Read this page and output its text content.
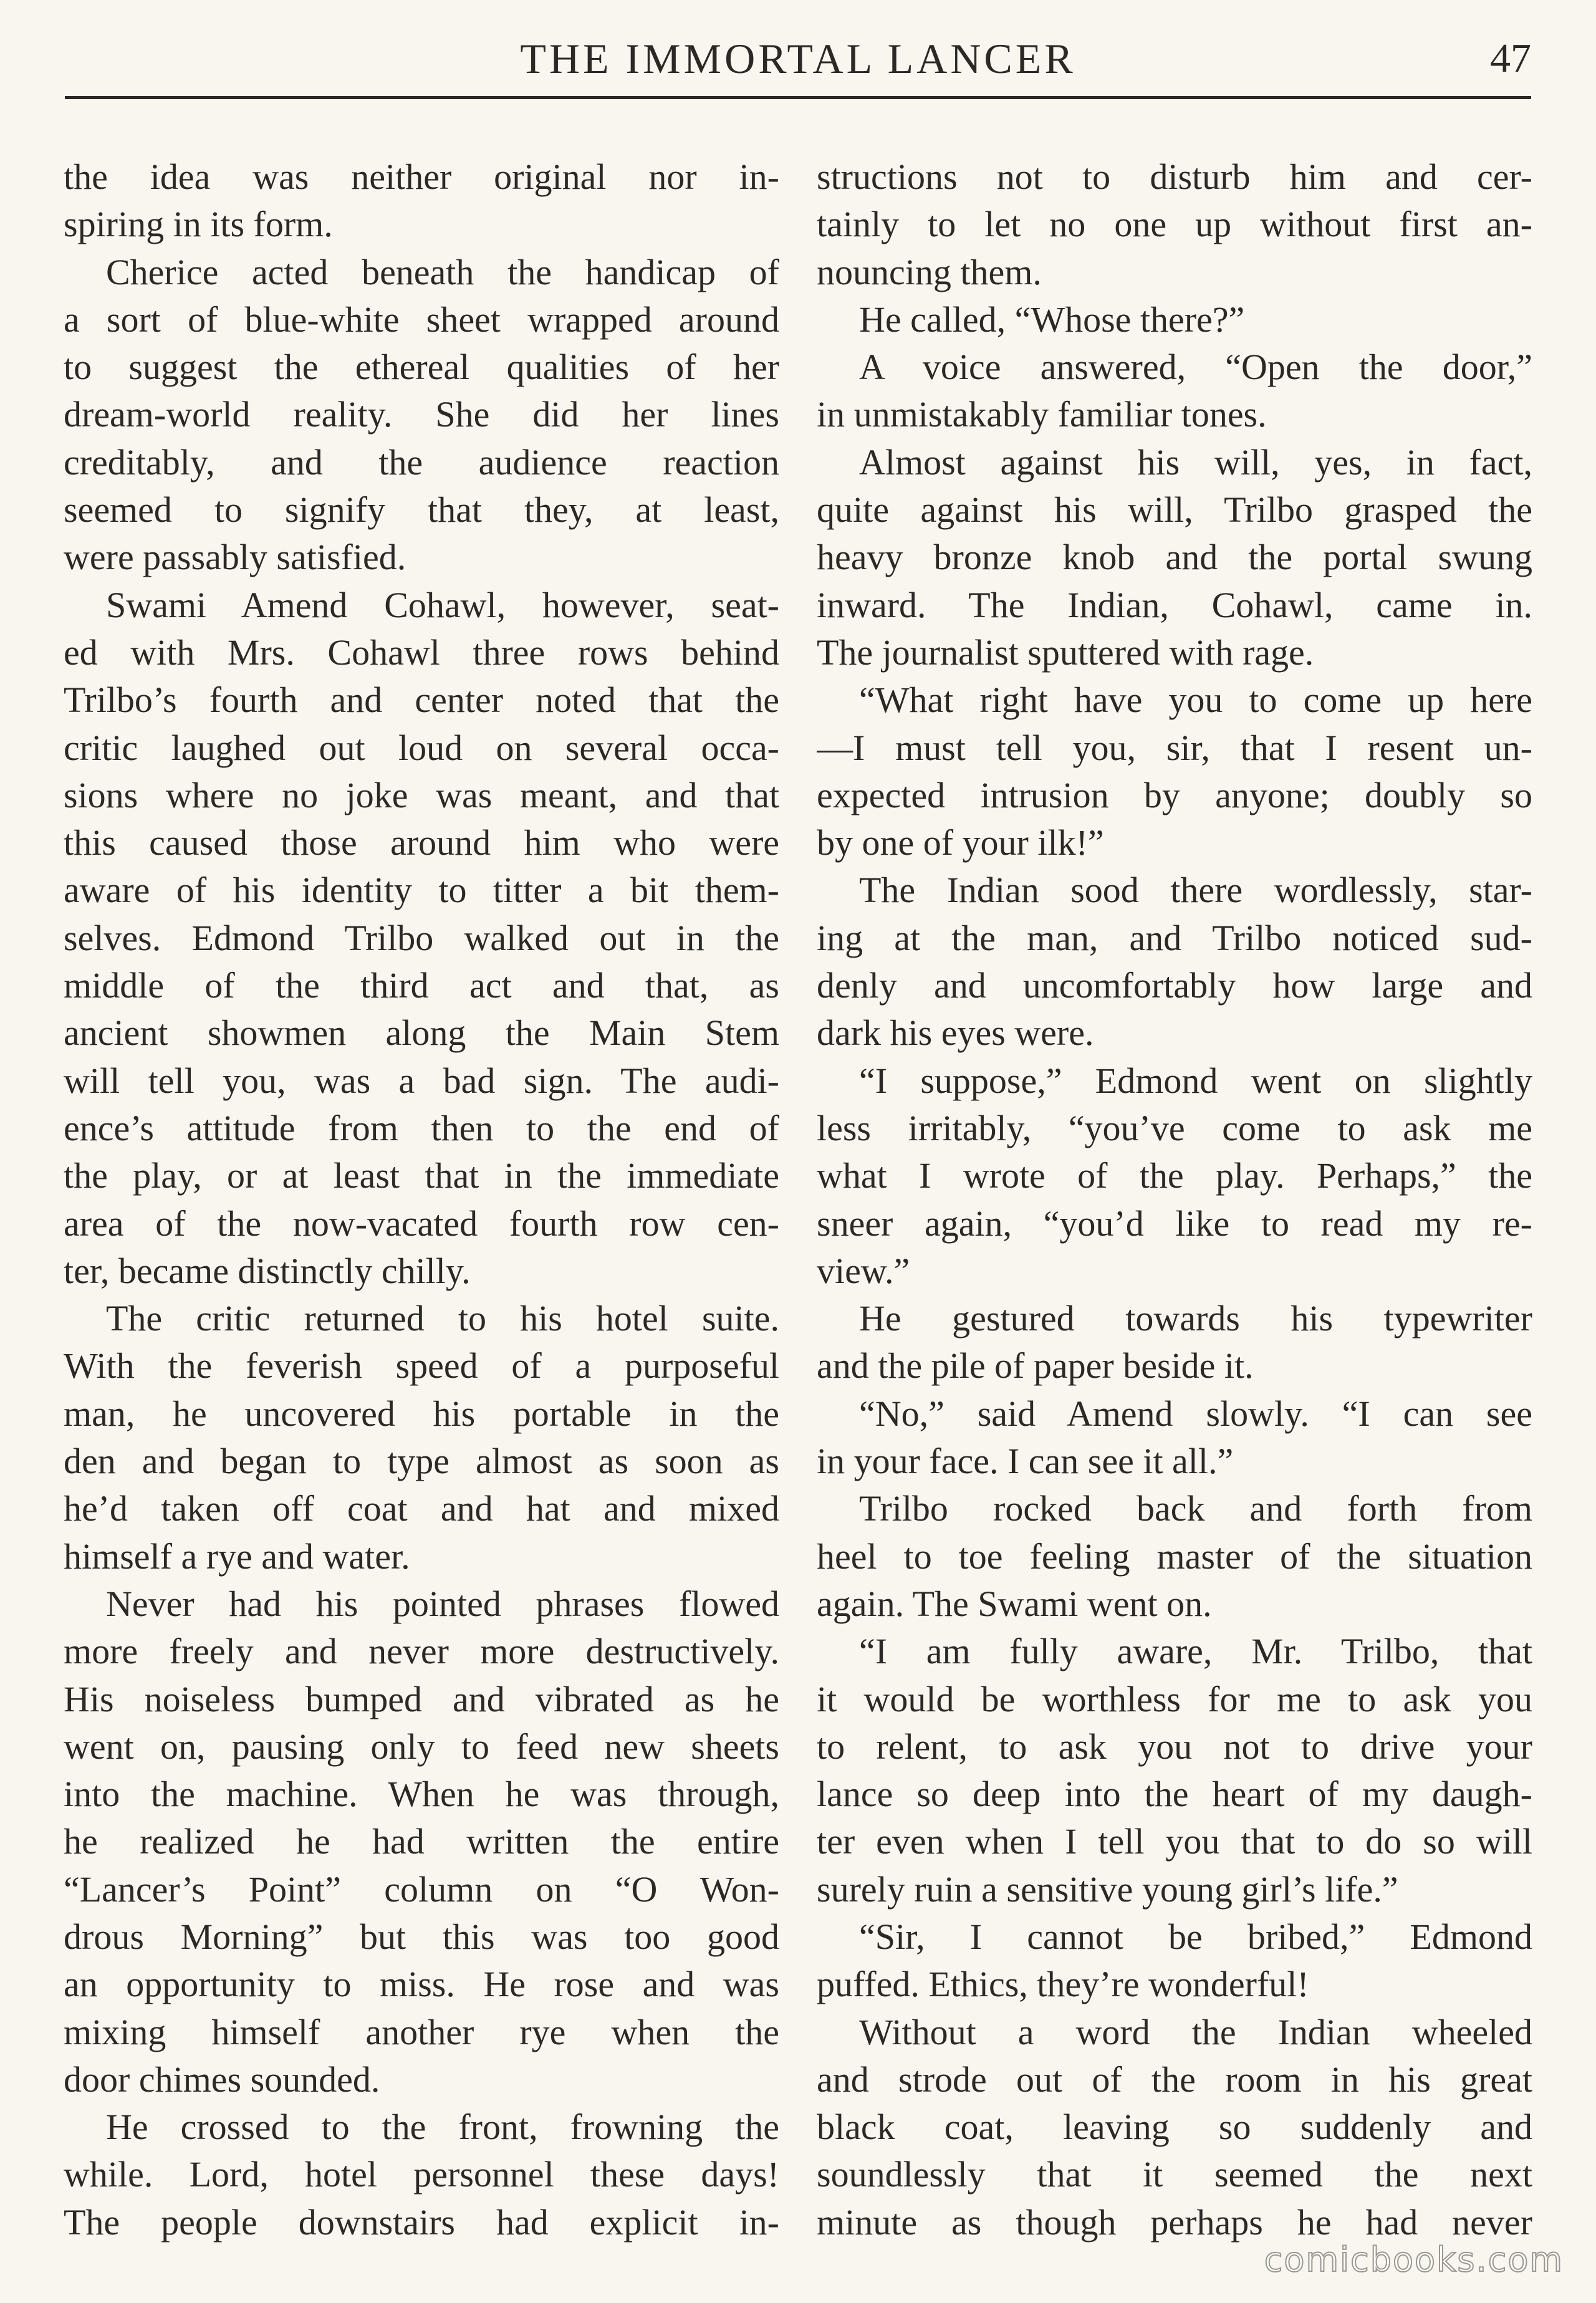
THE IMMORTAL LANCER	47
the idea was neither original nor in-
spiring in its form.
Cherice acted beneath the handicap of
a sort of blue-white sheet wrapped around
to suggest the ethereal qualities of her
dream-world reality. She did her lines
creditably, and the audience reaction
seemed to signify that they, at least,
were passably satisfied.
Swami Amend Cohawl, however, seat-
ed with Mrs. Cohawl three rows behind
Trilbo’s fourth and center noted that the
critic laughed out loud on several occa-
sions where no joke was meant, and that
this caused those around him who were
aware of his identity to titter a bit them-
selves. Edmond Trilbo walked out in the
middle of the third act and that, as
ancient showmen along the Main Stem
will tell you, was a bad sign. The audi-
ence’s attitude from then to the end of
the play, or at least that in the immediate
area of the now-vacated fourth row cen-
ter, became distinctly chilly.
The critic returned to his hotel suite.
With the feverish speed of a purposeful
man, he uncovered his portable in the
den and began to type almost as soon as
he’d taken off coat and hat and mixed
himself a rye and water.
Never had his pointed phrases flowed
more freely and never more destructively.
His noiseless bumped and vibrated as he
went on, pausing only to feed new sheets
into the machine. When he was through,
he realized he had written the entire
“Lancer’s Point” column on “O Won-
drous Morning” but this was too good
an opportunity to miss. He rose and was
mixing himself another rye when the
door chimes sounded.
He crossed to the front, frowning the
while. Lord, hotel personnel these days!
The people downstairs had explicit in-
structions not to disturb him and cer-
tainly to let no one up without first an-
nouncing them.
He called, “Whose there?”
A voice answered, “Open the door,”
in unmistakably familiar tones.
Almost against his will, yes, in fact,
quite against his will, Trilbo grasped the
heavy bronze knob and the portal swung
inward. The Indian, Cohawl, came in.
The journalist sputtered with rage.
“What right have you to come up here
—I must tell you, sir, that I resent un-
expected intrusion by anyone; doubly so
by one of your ilk!”
The Indian sood there wordlessly, star-
ing at the man, and Trilbo noticed sud-
denly and uncomfortably how large and
dark his eyes were.
“I suppose,” Edmond went on slightly
less irritably, “you’ve come to ask me
what I wrote of the play. Perhaps,” the
sneer again, “you’d like to read my re-
view.”
He gestured towards his typewriter
and the pile of paper beside it.
“No,” said Amend slowly. “I can see
in your face. I can see it all.”
Trilbo rocked back and forth from
heel to toe feeling master of the situation
again. The Swami went on.
“I am fully aware, Mr. Trilbo, that
it would be worthless for me to ask you
to relent, to ask you not to drive your
lance so deep into the heart of my daugh-
ter even when I tell you that to do so will
surely ruin a sensitive young girl’s life.”
“Sir, I cannot be bribed,” Edmond
puffed. Ethics, they’re wonderful!
Without a word the Indian wheeled
and strode out of the room in his great
black coat, leaving so suddenly and
soundlessly that it seemed the next
minute as though perhaps he had never
comicbooks.com
